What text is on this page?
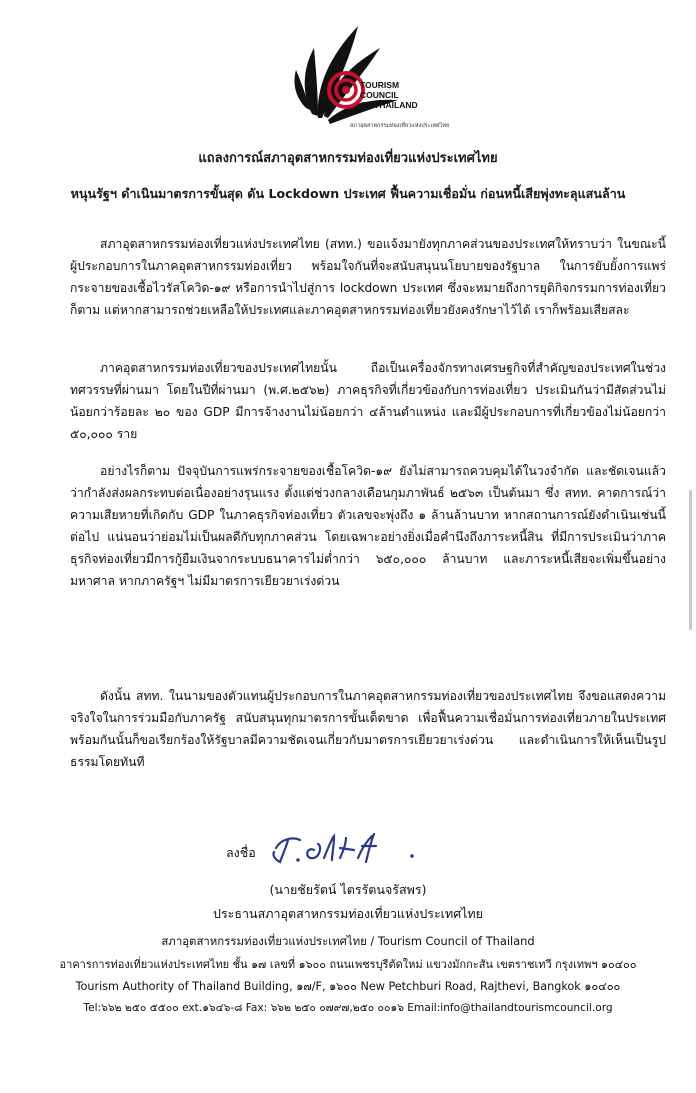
TOURISM
COUNCIL
OF THAILAND
สภาอุตสาหกรรมท่องเที่ยวแห่งประเทศไทย
แถลงการณ์สภาอุตสาหกรรมท่องเที่ยวแห่งประเทศไทย
หนุนรัฐฯ ดำเนินมาตรการขั้นสุด ดัน Lockdown ประเทศ ฟื้นความเชื่อมั่น ก่อนหนี้เสียพุ่งทะลุแสนล้าน
สภาอุตสาหกรรมท่องเที่ยวแห่งประเทศไทย (สทท.) ขอแจ้งมายังทุกภาคส่วนของประเทศให้ทราบว่า ในขณะนี้ ผู้ประกอบการในภาคอุตสาหกรรมท่องเที่ยว พร้อมใจกันที่จะสนับสนุนนโยบายของรัฐบาล ในการยับยั้งการแพร่กระจายของเชื้อไวรัสโควิด-๑๙ หรือการนำไปสู่การ lockdown ประเทศ ซึ่งจะหมายถึงการยุติกิจกรรมการท่องเที่ยวก็ตาม แต่หากสามารถช่วยเหลือให้ประเทศและภาคอุตสาหกรรมท่องเที่ยวยังคงรักษาไว้ได้ เราก็พร้อมเสียสละ
ภาคอุตสาหกรรมท่องเที่ยวของประเทศไทยนั้น ถือเป็นเครื่องจักรทางเศรษฐกิจที่สำคัญของประเทศในช่วงทศวรรษที่ผ่านมา โดยในปีที่ผ่านมา (พ.ศ.๒๕๖๒) ภาคธุรกิจที่เกี่ยวข้องกับการท่องเที่ยว ประเมินกันว่ามีสัดส่วนไม่น้อยกว่าร้อยละ ๒๐ ของ GDP มีการจ้างงานไม่น้อยกว่า ๔ล้านตำแหน่ง และมีผู้ประกอบการที่เกี่ยวข้องไม่น้อยกว่า ๕๐,๐๐๐ ราย
อย่างไรก็ตาม ปัจจุบันการแพร่กระจายของเชื้อโควิด-๑๙ ยังไม่สามารถควบคุมได้ในวงจำกัด และชัดเจนแล้วว่ากำลังส่งผลกระทบต่อเนื่องอย่างรุนแรง ตั้งแต่ช่วงกลางเดือนกุมภาพันธ์ ๒๕๖๓ เป็นต้นมา ซึ่ง สทท. คาดการณ์ว่าความเสียหายที่เกิดกับ GDP ในภาคธุรกิจท่องเที่ยว ตัวเลขจะพุ่งถึง ๑ ล้านล้านบาท หากสถานการณ์ยังดำเนินเช่นนี้ต่อไป แน่นอนว่าย่อมไม่เป็นผลดีกับทุกภาคส่วน โดยเฉพาะอย่างยิ่งเมื่อคำนึงถึงภาระหนี้สิน ที่มีการประเมินว่าภาคธุรกิจท่องเที่ยวมีการกู้ยืมเงินจากระบบธนาคารไม่ต่ำกว่า ๖๕๐,๐๐๐ ล้านบาท และภาระหนี้เสียจะเพิ่มขึ้นอย่างมหาศาล หากภาครัฐฯ ไม่มีมาตรการเยียวยาเร่งด่วน
ดังนั้น สทท. ในนามของตัวแทนผู้ประกอบการในภาคอุตสาหกรรมท่องเที่ยวของประเทศไทย จึงขอแสดงความจริงใจในการร่วมมือกับภาครัฐ สนับสนุนทุกมาตรการขั้นเด็ดขาด เพื่อฟื้นความเชื่อมั่นการท่องเที่ยวภายในประเทศ พร้อมกันนั้นก็ขอเรียกร้องให้รัฐบาลมีความชัดเจนเกี่ยวกับมาตรการเยียวยาเร่งด่วน และดำเนินการให้เห็นเป็นรูปธรรมโดยทันที
ลงชื่อ
(นายชัยรัตน์ ไตรรัตนจรัสพร)
ประธานสภาอุตสาหกรรมท่องเที่ยวแห่งประเทศไทย
สภาอุตสาหกรรมท่องเที่ยวแห่งประเทศไทย / Tourism Council of Thailand
อาคารการท่องเที่ยวแห่งประเทศไทย ชั้น ๑๗ เลขที่ ๑๖๐๐ ถนนเพชรบุรีตัดใหม่ แขวงมักกะสัน เขตราชเทวี กรุงเทพฯ ๑๐๔๐๐
Tourism Authority of Thailand Building, ๑๗/F, ๑๖๐๐ New Petchburi Road, Rajthevi, Bangkok ๑๐๔๐๐
Tel:๖๖๒ ๒๕๐ ๕๕๐๐ ext.๑๖๔๖-๘ Fax: ๖๖๒ ๒๕๐ ๐๗๙๗,๒๕๐ ๐๐๑๖ Email:info@thailandtourismcouncil.org
